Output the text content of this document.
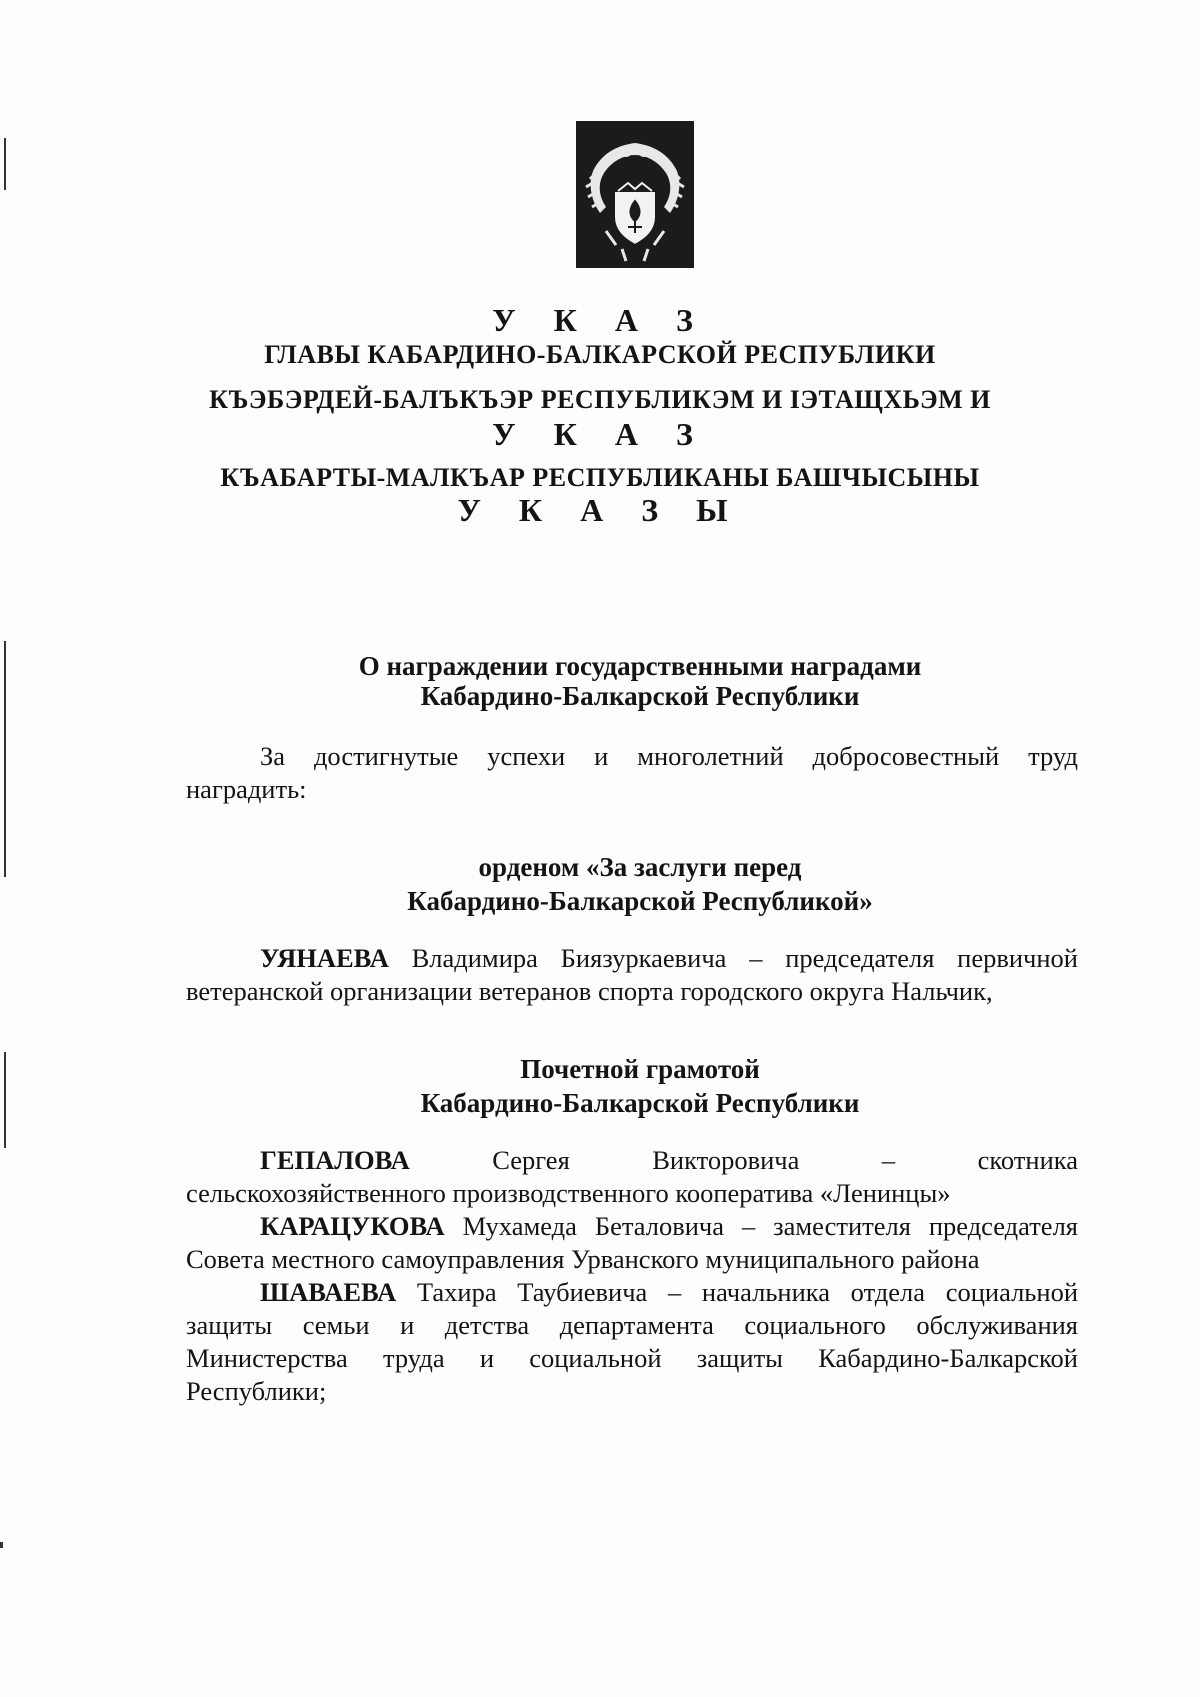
У К А З
ГЛАВЫ КАБАРДИНО-БАЛКАРСКОЙ РЕСПУБЛИКИ
КЪЭБЭРДЕЙ-БАЛЪКЪЭР РЕСПУБЛИКЭМ И ІЭТАЩХЬЭМ И
У К А З
КЪАБАРТЫ-МАЛКЪАР РЕСПУБЛИКАНЫ БАШЧЫСЫНЫ
У К А З Ы
О награждении государственными наградами
Кабардино-Балкарской Республики
За достигнутые успехи и многолетний добросовестный труд
наградить:
орденом «За заслуги перед
Кабардино-Балкарской Республикой»
УЯНАЕВА Владимира Биязуркаевича – председателя первичной
ветеранской организации ветеранов спорта городского округа Нальчик,
Почетной грамотой
Кабардино-Балкарской Республики
ГЕПАЛОВА Сергея Викторовича – скотника
сельскохозяйственного производственного кооператива «Ленинцы»
КАРАЦУКОВА Мухамеда Беталовича – заместителя председателя
Совета местного самоуправления Урванского муниципального района
ШАВАЕВА Тахира Таубиевича – начальника отдела социальной
защиты семьи и детства департамента социального обслуживания
Министерства труда и социальной защиты Кабардино-Балкарской
Республики;
